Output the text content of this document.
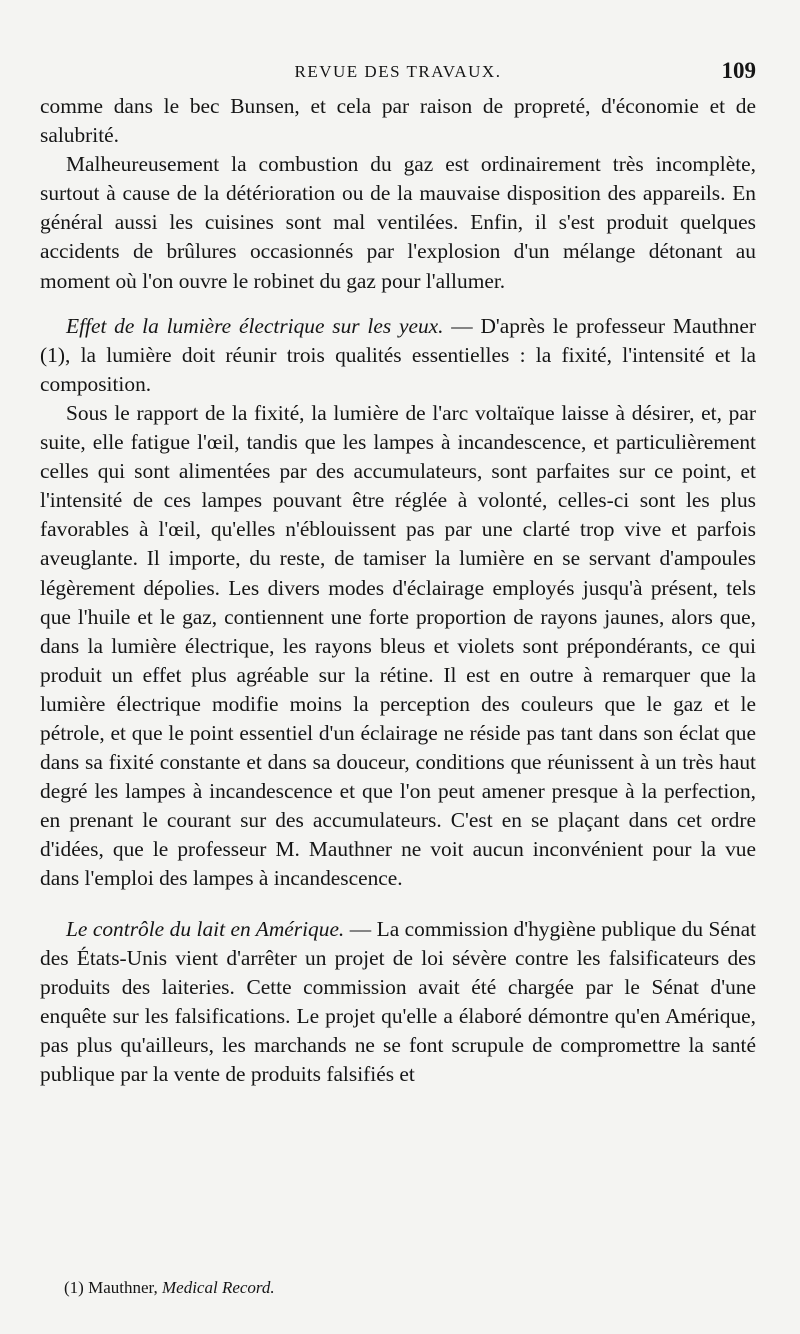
REVUE DES TRAVAUX.	109

comme dans le bec Bunsen, et cela par raison de propreté, d'économie et de salubrité.

Malheureusement la combustion du gaz est ordinairement très incomplète, surtout à cause de la détérioration ou de la mauvaise disposition des appareils. En général aussi les cuisines sont mal ventilées. Enfin, il s'est produit quelques accidents de brûlures occasionnés par l'explosion d'un mélange détonant au moment où l'on ouvre le robinet du gaz pour l'allumer.

Effet de la lumière électrique sur les yeux. — D'après le professeur Mauthner (1), la lumière doit réunir trois qualités essentielles : la fixité, l'intensité et la composition.

Sous le rapport de la fixité, la lumière de l'arc voltaïque laisse à désirer, et, par suite, elle fatigue l'œil, tandis que les lampes à incandescence, et particulièrement celles qui sont alimentées par des accumulateurs, sont parfaites sur ce point, et l'intensité de ces lampes pouvant être réglée à volonté, celles-ci sont les plus favorables à l'œil, qu'elles n'éblouissent pas par une clarté trop vive et parfois aveuglante. Il importe, du reste, de tamiser la lumière en se servant d'ampoules légèrement dépolies. Les divers modes d'éclairage employés jusqu'à présent, tels que l'huile et le gaz, contiennent une forte proportion de rayons jaunes, alors que, dans la lumière électrique, les rayons bleus et violets sont prépondérants, ce qui produit un effet plus agréable sur la rétine. Il est en outre à remarquer que la lumière électrique modifie moins la perception des couleurs que le gaz et le pétrole, et que le point essentiel d'un éclairage ne réside pas tant dans son éclat que dans sa fixité constante et dans sa douceur, conditions que réunissent à un très haut degré les lampes à incandescence et que l'on peut amener presque à la perfection, en prenant le courant sur des accumulateurs. C'est en se plaçant dans cet ordre d'idées, que le professeur M. Mauthner ne voit aucun inconvénient pour la vue dans l'emploi des lampes à incandescence.

Le contrôle du lait en Amérique. — La commission d'hygiène publique du Sénat des États-Unis vient d'arrêter un projet de loi sévère contre les falsificateurs des produits des laiteries. Cette commission avait été chargée par le Sénat d'une enquête sur les falsifications. Le projet qu'elle a élaboré démontre qu'en Amérique, pas plus qu'ailleurs, les marchands ne se font scrupule de compromettre la santé publique par la vente de produits falsifiés et

(1) Mauthner, Medical Record.
